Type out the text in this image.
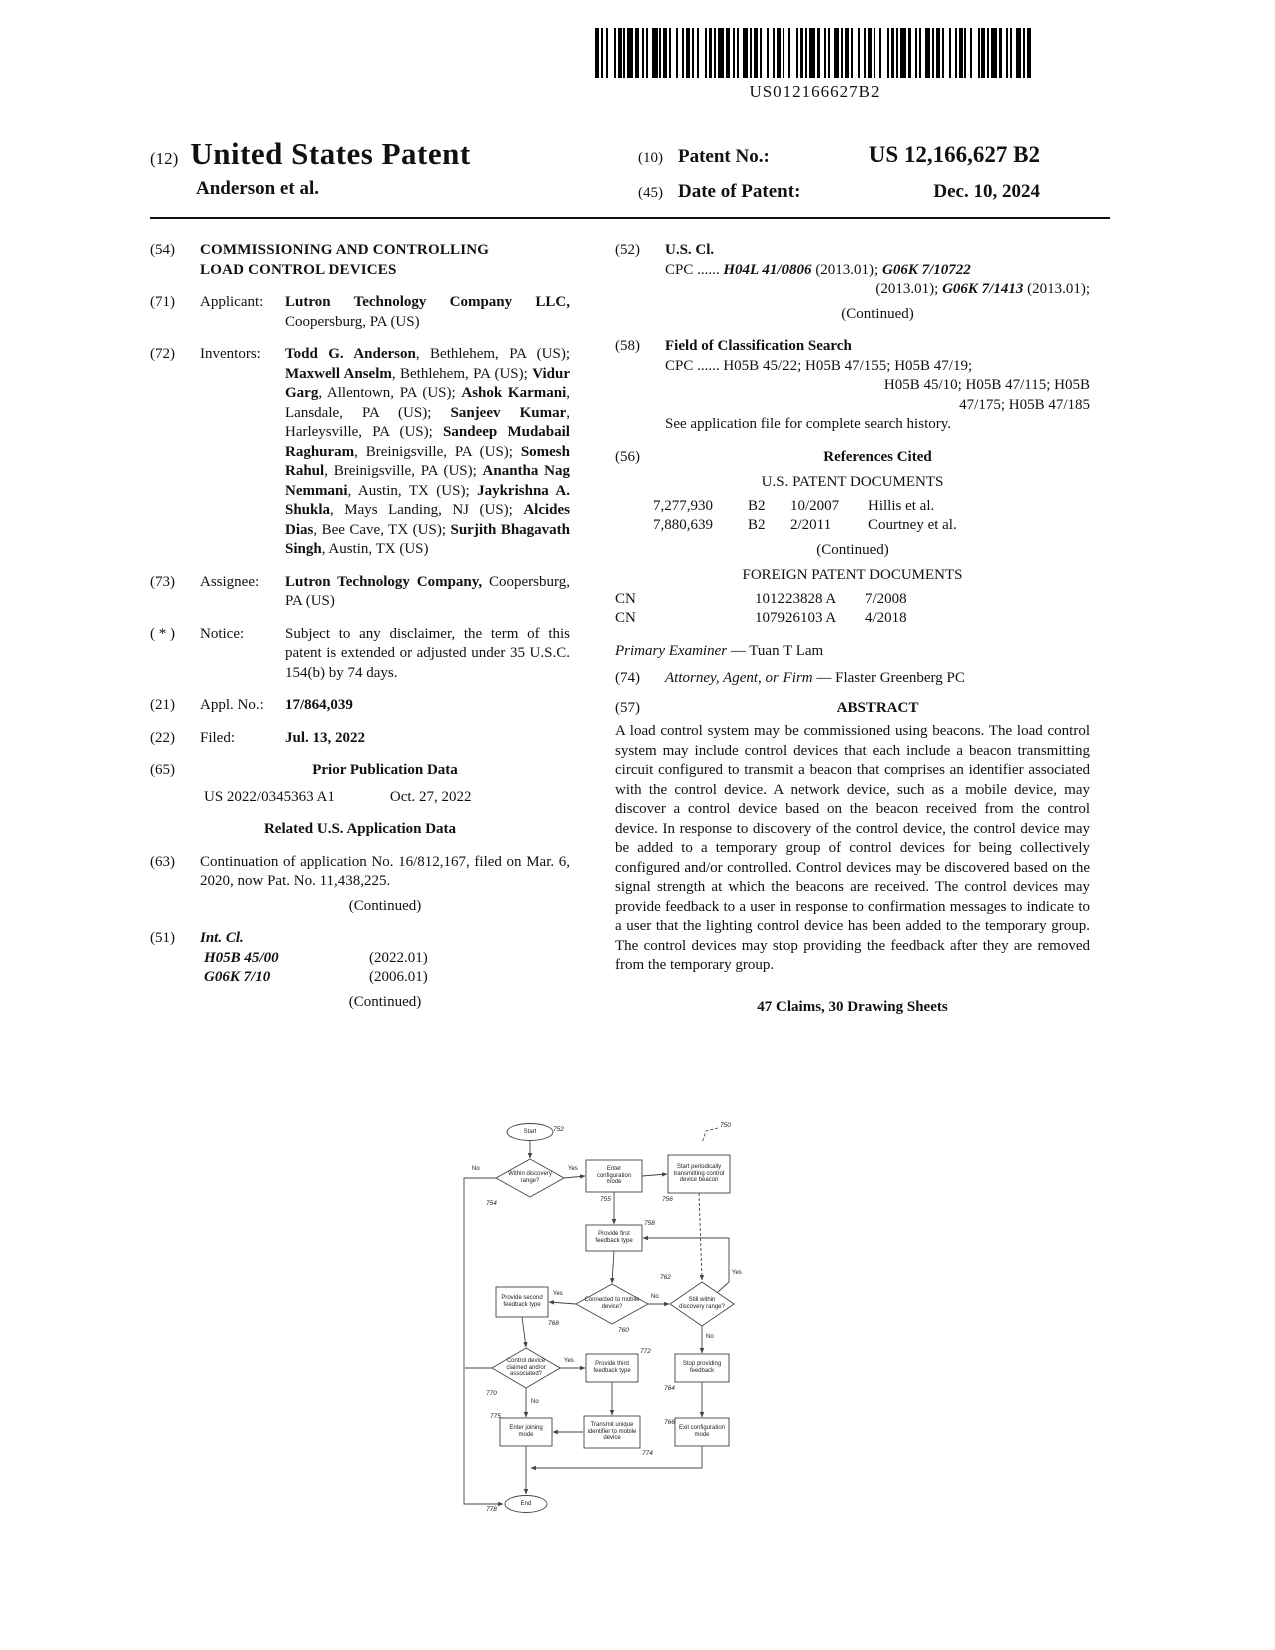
US012166627B2
(12) United States Patent
Anderson et al.
(10) Patent No.:	US 12,166,627 B2
(45) Date of Patent:	Dec. 10, 2024
(54)	COMMISSIONING AND CONTROLLING LOAD CONTROL DEVICES
(71)	Applicant:	Lutron Technology Company LLC, Coopersburg, PA (US)
(72)	Inventors:	Todd G. Anderson, Bethlehem, PA (US); Maxwell Anselm, Bethlehem, PA (US); Vidur Garg, Allentown, PA (US); Ashok Karmani, Lansdale, PA (US); Sanjeev Kumar, Harleysville, PA (US); Sandeep Mudabail Raghuram, Breinigsville, PA (US); Somesh Rahul, Breinigsville, PA (US); Anantha Nag Nemmani, Austin, TX (US); Jaykrishna A. Shukla, Mays Landing, NJ (US); Alcides Dias, Bee Cave, TX (US); Surjith Bhagavath Singh, Austin, TX (US)
(73)	Assignee:	Lutron Technology Company, Coopersburg, PA (US)
( * )	Notice:	Subject to any disclaimer, the term of this patent is extended or adjusted under 35 U.S.C. 154(b) by 74 days.
(21)	Appl. No.:	17/864,039
(22)	Filed:	Jul. 13, 2022
(65)	Prior Publication Data
US 2022/0345363 A1	Oct. 27, 2022
Related U.S. Application Data
(63)	Continuation of application No. 16/812,167, filed on Mar. 6, 2020, now Pat. No. 11,438,225.
(Continued)
(51)	Int. Cl.
H05B 45/00	(2022.01)
G06K 7/10	(2006.01)
(Continued)
(52)	U.S. Cl.
CPC ...... H04L 41/0806 (2013.01); G06K 7/10722
(2013.01); G06K 7/1413 (2013.01);
(Continued)
(58)	Field of Classification Search
CPC ...... H05B 45/22; H05B 47/155; H05B 47/19;
H05B 45/10; H05B 47/115; H05B
47/175; H05B 47/185
See application file for complete search history.
(56)	References Cited
U.S. PATENT DOCUMENTS
7,277,930	B2	10/2007	Hillis et al.
7,880,639	B2	2/2011	Courtney et al.
(Continued)
FOREIGN PATENT DOCUMENTS
CN	101223828 A	7/2008
CN	107926103 A	4/2018
Primary Examiner — Tuan T Lam
(74)	Attorney, Agent, or Firm — Flaster Greenberg PC
(57)	ABSTRACT

A load control system may be commissioned using beacons. The load control system may include control devices that each include a beacon transmitting circuit configured to transmit a beacon that comprises an identifier associated with the control device. A network device, such as a mobile device, may discover a control device based on the beacon received from the control device. In response to discovery of the control device, the control device may be added to a temporary group of control devices for being collectively configured and/or controlled. Control devices may be discovered based on the signal strength at which the beacons are received. The control devices may provide feedback to a user in response to confirmation messages to indicate to a user that the lighting control device has been added to the temporary group. The control devices may stop providing the feedback after they are removed from the temporary group.

47 Claims, 30 Drawing Sheets
Start	752
Within discovery range?
754
Enter configuration mode
755
Start periodically transmitting control device beacon
756
Provide first feedback type
758
Connected to mobile device?
760
Still within discovery range?
762
Provide second feedback type
768
Control device claimed and/or associated?
770
Provide third feedback type
772
Stop providing feedback
764
Enter joining mode
775
Transmit unique identifier to mobile device
774
Exit configuration mode
766
End
778
Yes
No
Yes	No
Yes
No
Yes
No
750
